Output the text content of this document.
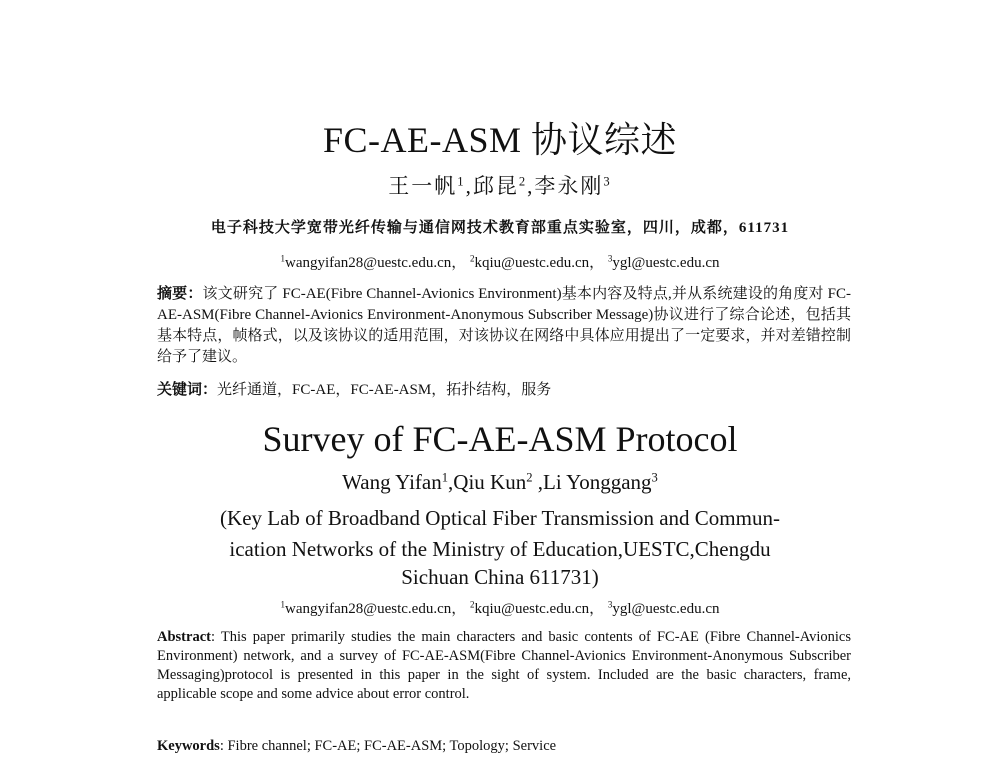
FC-AE-ASM 协议综述
王一帆$^1$,邱昆$^2$,李永刚$^3$
电子科技大学宽带光纤传输与通信网技术教育部重点实验室，四川，成都，611731
$^1$wangyifan28@uestc.edu.cn， $^2$kqiu@uestc.edu.cn， $^3$ygl@uestc.edu.cn
摘要：该文研究了 FC-AE(Fibre Channel-Avionics Environment)基本内容及特点,并从系统建设的角度对 FC-AE-ASM(Fibre Channel-Avionics Environment-Anonymous Subscriber Message)协议进行了综合论述，包括其基本特点，帧格式，以及该协议的适用范围，对该协议在网络中具体应用提出了一定要求，并对差错控制给予了建议。
关键词：光纤通道，FC-AE，FC-AE-ASM，拓扑结构，服务
Survey of FC-AE-ASM Protocol
Wang Yifan$^1$,Qiu Kun$^2$ ,Li Yonggang$^3$
(Key Lab of Broadband Optical Fiber Transmission and Commun-
ication Networks of the Ministry of Education,UESTC,Chengdu
Sichuan China 611731)
$^1$wangyifan28@uestc.edu.cn， $^2$kqiu@uestc.edu.cn， $^3$ygl@uestc.edu.cn
Abstract: This paper primarily studies the main characters and basic contents of FC-AE (Fibre Channel-Avionics Environment) network, and a survey of FC-AE-ASM(Fibre Channel-Avionics Environment-Anonymous Subscriber Messaging)protocol is presented in this paper in the sight of system. Included are the basic characters, frame, applicable scope and some advice about error control.
Keywords: Fibre channel; FC-AE; FC-AE-ASM; Topology; Service
